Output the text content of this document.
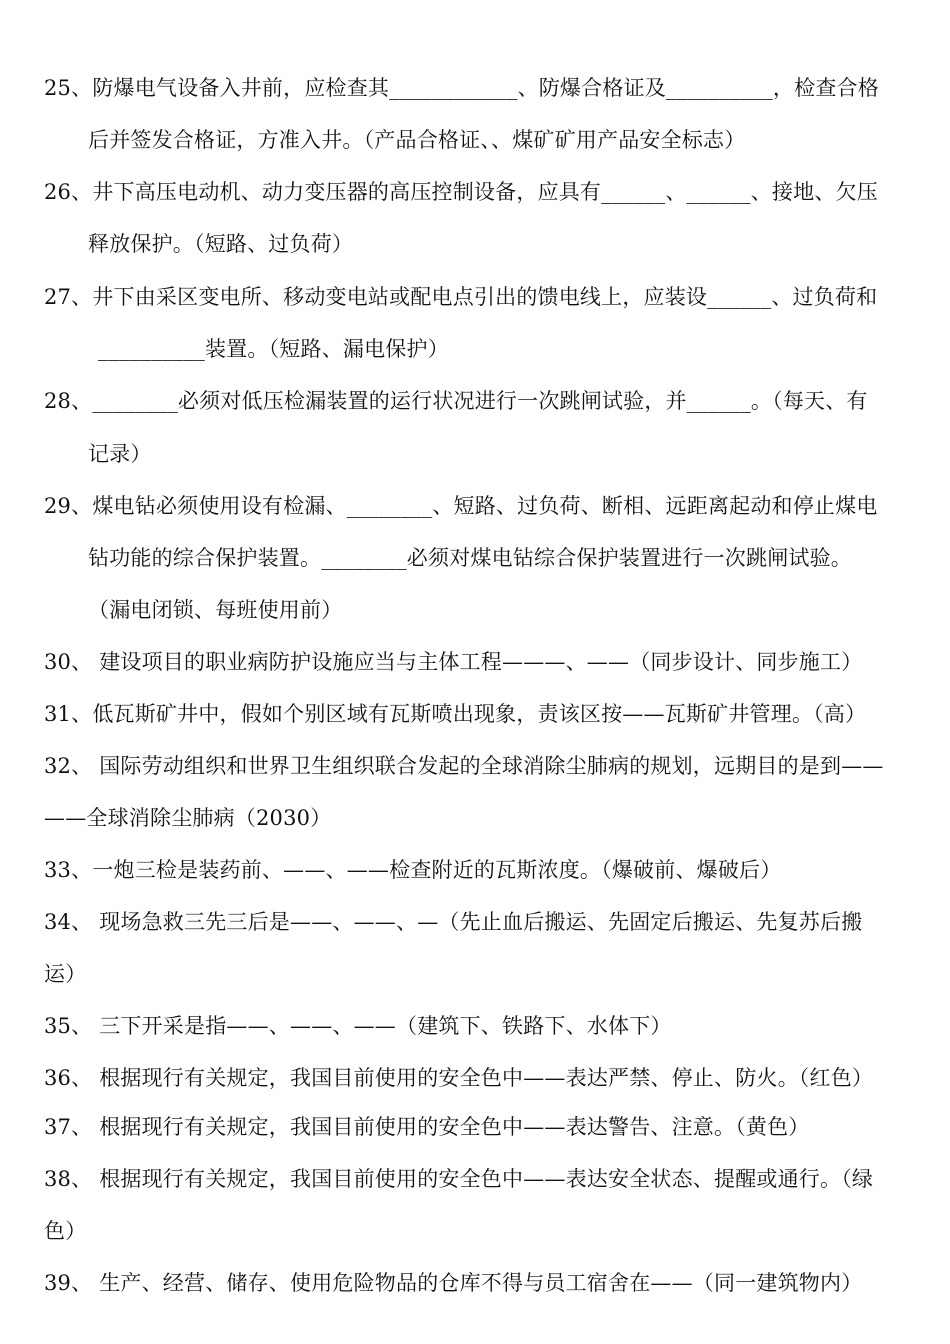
25、防爆电气设备入井前，应检查其____________、防爆合格证及__________，检查合格
后并签发合格证，方准入井。（产品合格证、、煤矿矿用产品安全标志）
26、井下高压电动机、动力变压器的高压控制设备，应具有______、______、接地、欠压
释放保护。（短路、过负荷）
27、井下由采区变电所、移动变电站或配电点引出的馈电线上，应装设______、过负荷和
__________装置。（短路、漏电保护）
28、________必须对低压检漏装置的运行状况进行一次跳闸试验，并______。（每天、有
记录）
29、煤电钻必须使用设有检漏、________、短路、过负荷、断相、远距离起动和停止煤电
钻功能的综合保护装置。________必须对煤电钻综合保护装置进行一次跳闸试验。
（漏电闭锁、每班使用前）
30、 建设项目的职业病防护设施应当与主体工程———、——（同步设计、同步施工）
31、低瓦斯矿井中，假如个别区域有瓦斯喷出现象，责该区按——瓦斯矿井管理。（高）
32、 国际劳动组织和世界卫生组织联合发起的全球消除尘肺病的规划，远期目的是到——
——全球消除尘肺病（2030）
33、一炮三检是装药前、——、——检查附近的瓦斯浓度。（爆破前、爆破后）
34、 现场急救三先三后是——、——、—（先止血后搬运、先固定后搬运、先复苏后搬
运）
35、 三下开采是指——、——、——（建筑下、铁路下、水体下）
36、 根据现行有关规定，我国目前使用的安全色中——表达严禁、停止、防火。（红色）
37、 根据现行有关规定，我国目前使用的安全色中——表达警告、注意。（黄色）
38、 根据现行有关规定，我国目前使用的安全色中——表达安全状态、提醒或通行。（绿
色）
39、 生产、经营、储存、使用危险物品的仓库不得与员工宿舍在——（同一建筑物内）
